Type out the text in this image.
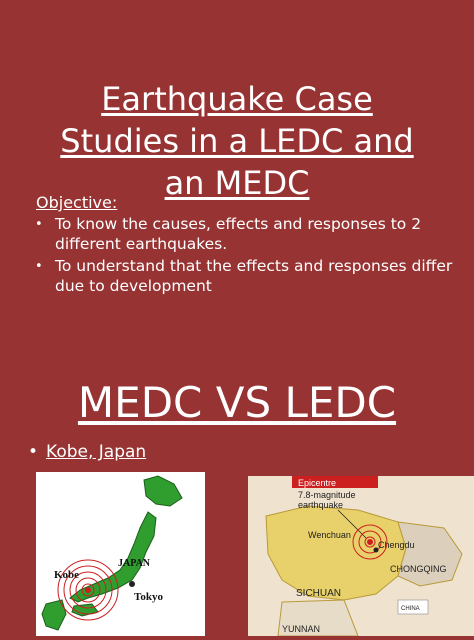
Earthquake Case
Studies in a LEDC and
an MEDC
Objective:
• To know the causes, effects and responses to 2 different earthquakes.
• To understand that the effects and responses differ due to development
MEDC VS LEDC
• Kobe, Japan
Kobe
JAPAN
Tokyo
Epicentre
7.8-magnitude
earthquake
Wenchuan
Chengdu
SICHUAN
CHONGQING
YUNNAN
CHINA
